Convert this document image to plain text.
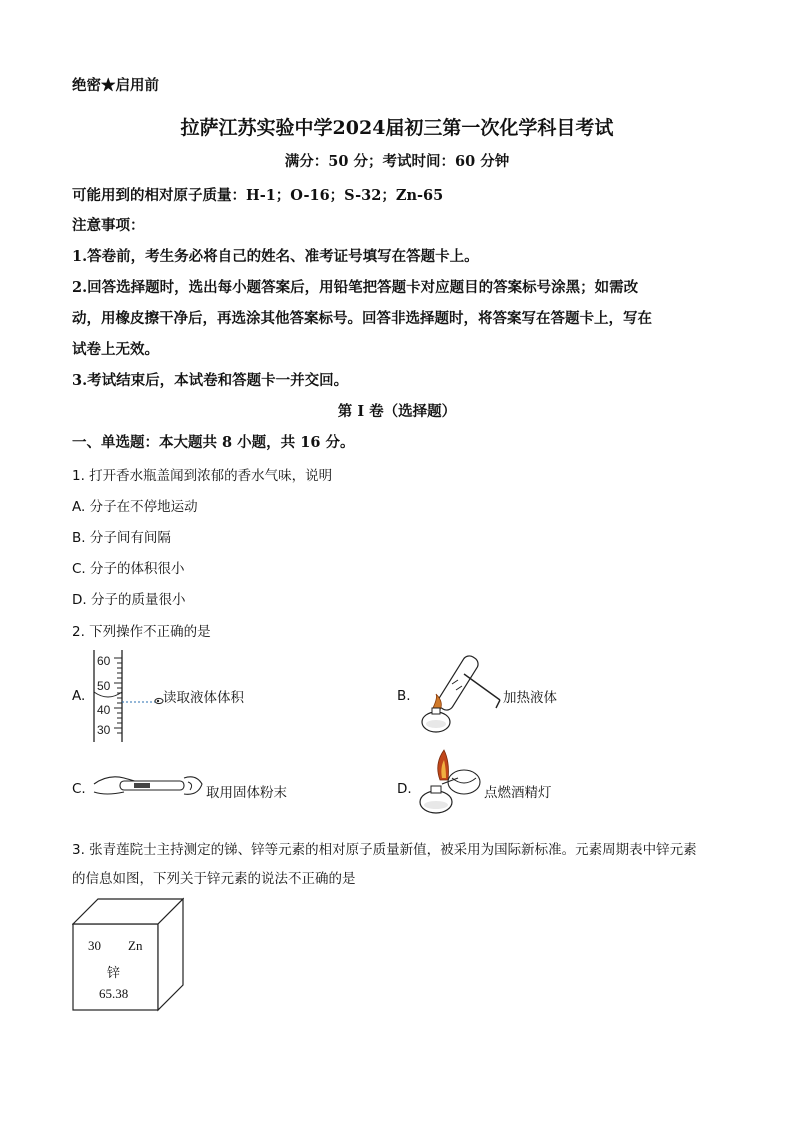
绝密★启用前
拉萨江苏实验中学2024届初三第一次化学科目考试
满分：50 分；考试时间：60 分钟
可能用到的相对原子质量：H-1；O-16；S-32；Zn-65
注意事项：
1.答卷前，考生务必将自己的姓名、准考证号填写在答题卡上。
2.回答选择题时，选出每小题答案后，用铅笔把答题卡对应题目的答案标号涂黑；如需改
动，用橡皮擦干净后，再选涂其他答案标号。回答非选择题时，将答案写在答题卡上，写在
试卷上无效。
3.考试结束后，本试卷和答题卡一并交回。
第 I 卷（选择题）
一、单选题：本大题共 8 小题，共 16 分。
1. 打开香水瓶盖闻到浓郁的香水气味，说明
A. 分子在不停地运动
B. 分子间有间隔
C. 分子的体积很小
D. 分子的质量很小
2. 下列操作不正确的是
A.
60
50
40
30
读取液体体积	B.	加热液体
C.	取用固体粉末	D.	点燃酒精灯
3. 张青莲院士主持测定的锑、锌等元素的相对原子质量新值，被采用为国际新标准。元素周期表中锌元素
的信息如图，下列关于锌元素的说法不正确的是
30 Zn
锌
65.38
